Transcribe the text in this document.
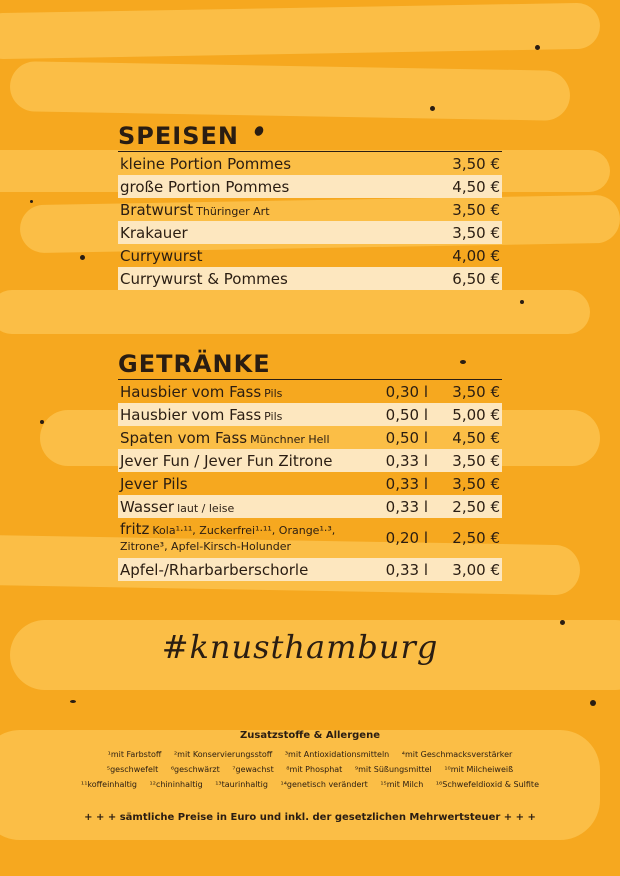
SPEISEN
kleine Portion Pommes	3,50 €
große Portion Pommes	4,50 €
Bratwurst Thüringer Art	3,50 €
Krakauer	3,50 €
Currywurst	4,00 €
Currywurst & Pommes	6,50 €
GETRÄNKE
Hausbier vom Fass Pils	0,30 l	3,50 €
Hausbier vom Fass Pils	0,50 l	5,00 €
Spaten vom Fass Münchner Hell	0,50 l	4,50 €
Jever Fun / Jever Fun Zitrone	0,33 l	3,50 €
Jever Pils	0,33 l	3,50 €
Wasser laut / leise	0,33 l	2,50 €
fritz Kola¹·¹¹, Zuckerfrei¹·¹¹, Orange¹·³,
Zitrone³, Apfel-Kirsch-Holunder	0,20 l	2,50 €
Apfel-/Rharbarberschorle	0,33 l	3,00 €
#knusthamburg
Zusatzstoffe & Allergene
¹mit Farbstoff ²mit Konservierungsstoff ³mit Antioxidationsmitteln ⁴mit Geschmacksverstärker
⁵geschwefelt ⁶geschwärzt ⁷gewachst ⁸mit Phosphat ⁹mit Süßungsmittel ¹⁰mit Milcheiweiß
¹¹koffeinhaltig ¹²chininhaltig ¹³taurinhaltig ¹⁴genetisch verändert ¹⁵mit Milch ¹⁶Schwefeldioxid & Sulfite
+ + + sämtliche Preise in Euro und inkl. der gesetzlichen Mehrwertsteuer + + +
